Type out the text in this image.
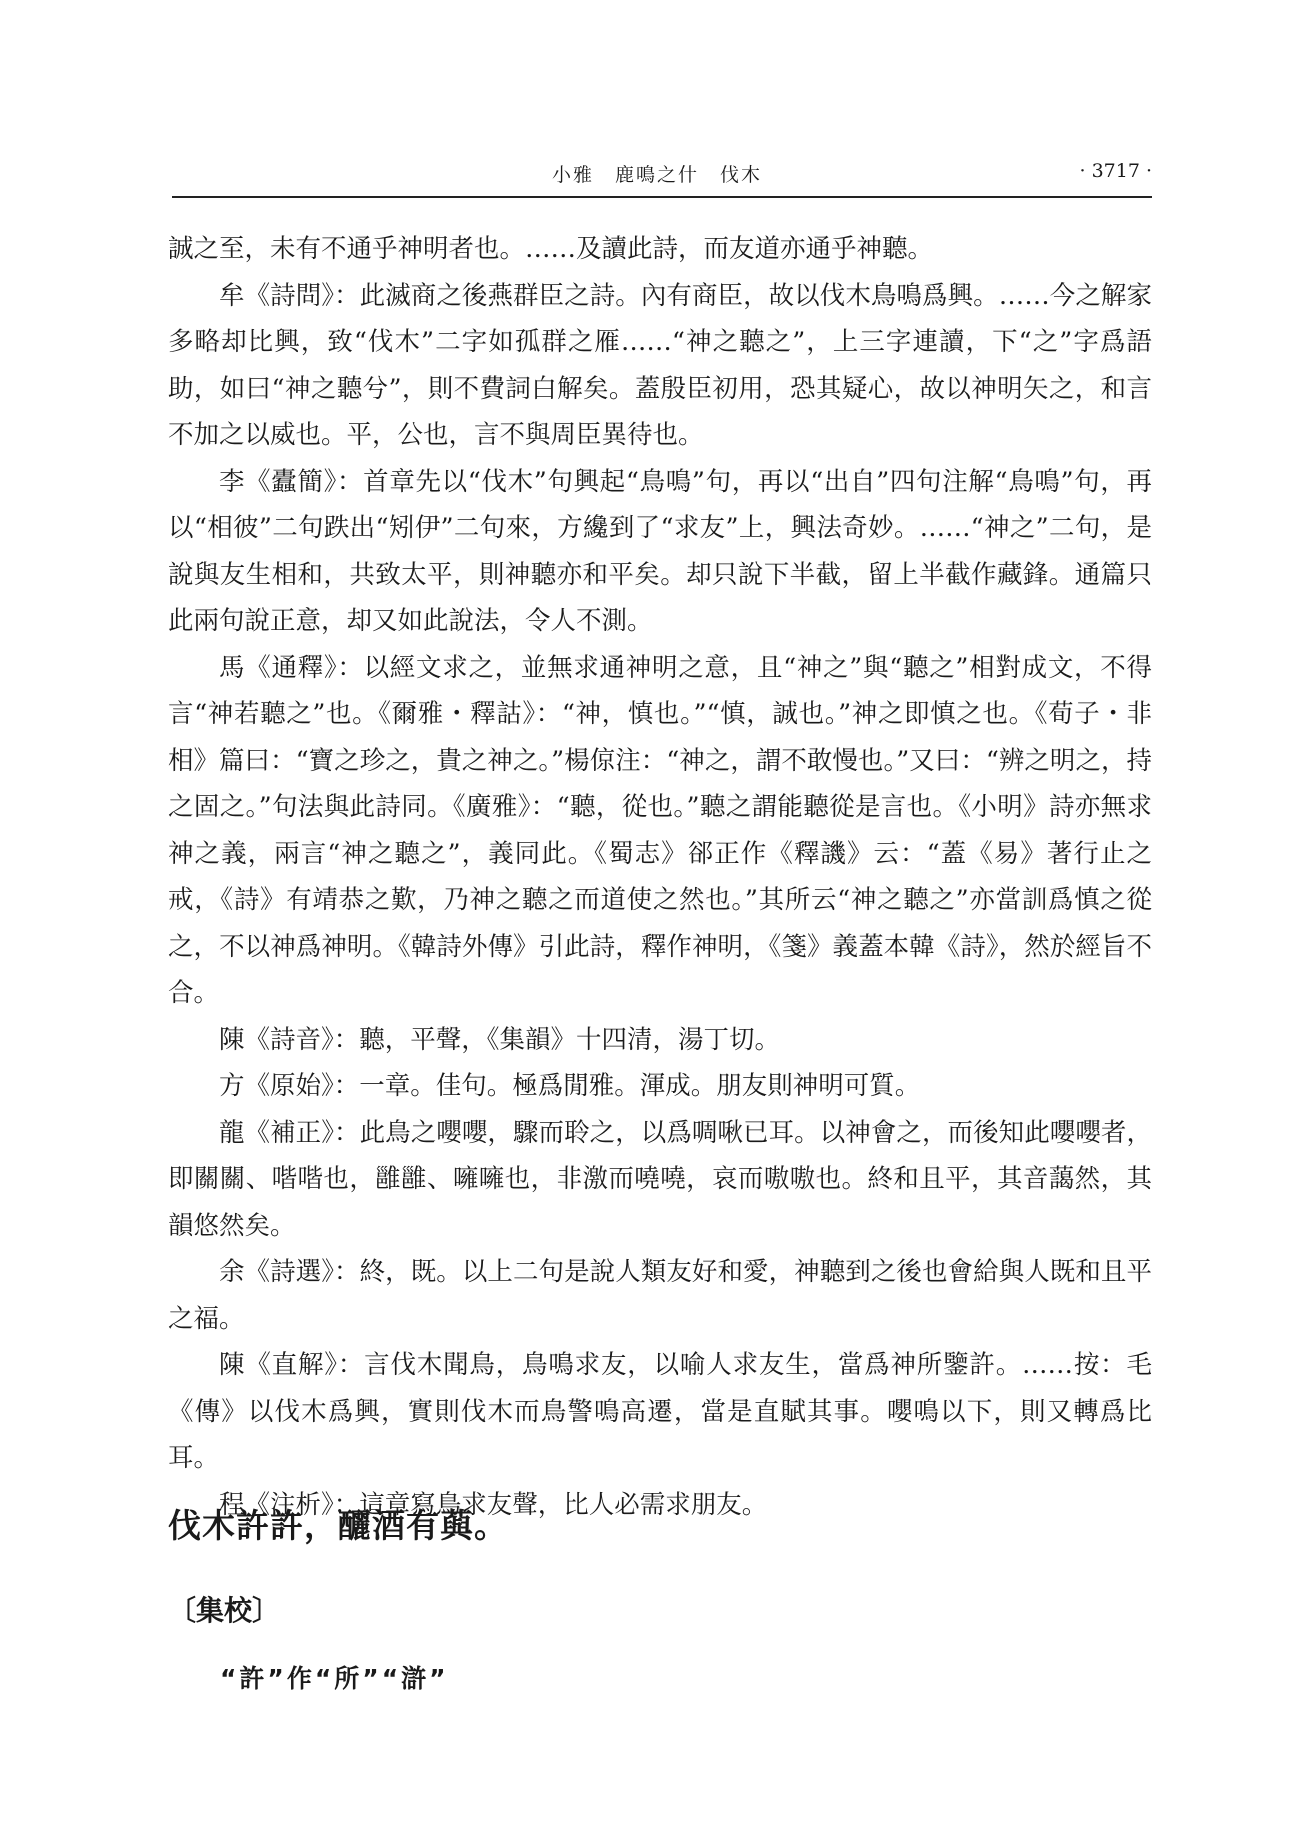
小雅　鹿鳴之什　伐木	· 3717 ·

誠之至，未有不通乎神明者也。……及讀此詩，而友道亦通乎神聽。

牟《詩問》：此滅商之後燕群臣之詩。內有商臣，故以伐木鳥鳴爲興。……今之解家多略却比興，致“伐木”二字如孤群之雁……“神之聽之”，上三字連讀，下“之”字爲語助，如曰“神之聽兮”，則不費詞白解矣。蓋殷臣初用，恐其疑心，故以神明矢之，和言不加之以威也。平，公也，言不與周臣異待也。

李《蠹簡》：首章先以“伐木”句興起“鳥鳴”句，再以“出自”四句注解“鳥鳴”句，再以“相彼”二句跌出“矧伊”二句來，方纔到了“求友”上，興法奇妙。……“神之”二句，是說與友生相和，共致太平，則神聽亦和平矣。却只說下半截，留上半截作藏鋒。通篇只此兩句說正意，却又如此說法，令人不測。

馬《通釋》：以經文求之，並無求通神明之意，且“神之”與“聽之”相對成文，不得言“神若聽之”也。《爾雅・釋詁》：“神，慎也。”“慎，誠也。”神之即慎之也。《荀子・非相》篇曰：“寶之珍之，貴之神之。”楊倞注：“神之，謂不敢慢也。”又曰：“辨之明之，持之固之。”句法與此詩同。《廣雅》：“聽，從也。”聽之謂能聽從是言也。《小明》詩亦無求神之義，兩言“神之聽之”，義同此。《蜀志》郤正作《釋譏》云：“蓋《易》著行止之戒，《詩》有靖恭之歎，乃神之聽之而道使之然也。”其所云“神之聽之”亦當訓爲慎之從之，不以神爲神明。《韓詩外傳》引此詩，釋作神明，《箋》義蓋本韓《詩》，然於經旨不合。

陳《詩音》：聽，平聲，《集韻》十四清，湯丁切。

方《原始》：一章。佳句。極爲閒雅。渾成。朋友則神明可質。

龍《補正》：此鳥之嚶嚶，驟而聆之，以爲啁啾已耳。以神會之，而後知此嚶嚶者，即關關、喈喈也，雝雝、噰噰也，非激而嘵嘵，哀而嗷嗷也。終和且平，其音藹然，其韻悠然矣。

余《詩選》：終，既。以上二句是說人類友好和愛，神聽到之後也會給與人既和且平之福。

陳《直解》：言伐木聞鳥，鳥鳴求友，以喻人求友生，當爲神所鑒許。……按：毛《傳》以伐木爲興，實則伐木而鳥警鳴高遷，當是直賦其事。嚶鳴以下，則又轉爲比耳。

程《注析》：這章寫鳥求友聲，比人必需求朋友。

伐木許許，釃酒有藇。
〔集校〕
“許”作“所”“滸”
